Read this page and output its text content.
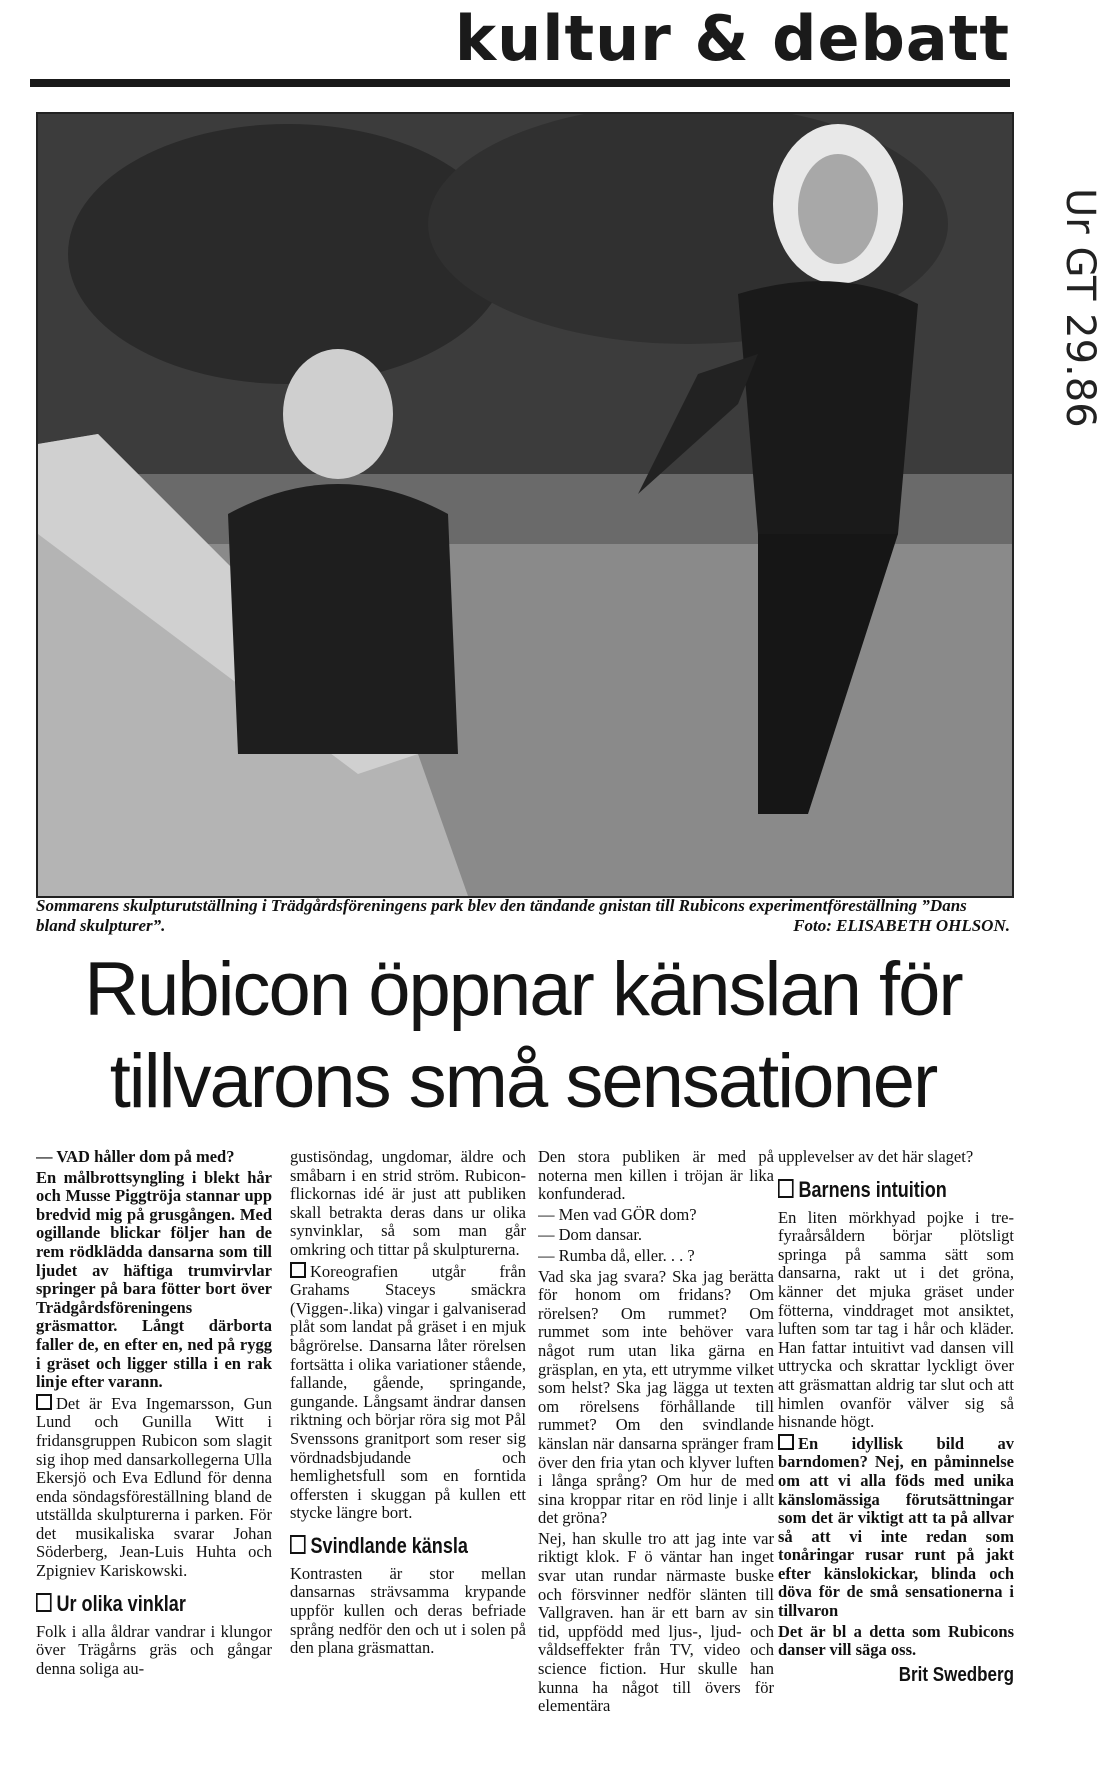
kultur & debatt
Ur GT 29.86
Sommarens skulpturutställning i Trädgårdsföreningens park blev den tändande gnistan till Rubicons experimentföreställning ”Dans bland skulpturer”.	Foto: ELISABETH OHLSON.
Rubicon öppnar känslan för
tillvarons små sensationer

— VAD håller dom på med?

En målbrottsyngling i blekt hår och Musse Piggtröja stannar upp bredvid mig på grusgången. Med ogillande blickar följer han de rem rödklädda dansarna som till ljudet av häftiga trumvirvlar springer på bara fötter bort över Trädgårdsföreningens gräsmattor. Långt därborta faller de, en efter en, ned på rygg i gräset och ligger stilla i en rak linje efter varann.

Det är Eva Ingemarsson, Gun Lund och Gunilla Witt i fridansgruppen Rubicon som slagit sig ihop med dansarkollegerna Ulla Ekersjö och Eva Edlund för denna enda söndagsföreställning bland de utställda skulpturerna i parken. För det musikaliska svarar Johan Söderberg, Jean-Luis Huhta och Zpigniev Kariskowski.

Ur olika vinklar

Folk i alla åldrar vandrar i klungor över Trägårns gräs och gångar denna soliga au-

gustisöndag, ungdomar, äldre och småbarn i en strid ström. Rubicon-flickornas idé är just att publiken skall betrakta deras dans ur olika synvinklar, så som man går omkring och tittar på skulpturerna.

Koreografien utgår från Grahams Staceys smäckra (Viggen-.lika) vingar i galvaniserad plåt som landat på gräset i en mjuk bågrörelse. Dansarna låter rörelsen fortsätta i olika variationer stående, fallande, gående, springande, gungande. Långsamt ändrar dansen riktning och börjar röra sig mot Pål Svenssons granitport som reser sig vördnadsbjudande och hemlighetsfull som en forntida offersten i skuggan på kullen ett stycke längre bort.

Svindlande känsla

Kontrasten är stor mellan dansarnas strävsamma krypande uppför kullen och deras befriade språng nedför den och ut i solen på den plana gräsmattan.

Den stora publiken är med på noterna men killen i tröjan är lika konfunderad.

— Men vad GÖR dom?

— Dom dansar.

— Rumba då, eller. . . ?

Vad ska jag svara? Ska jag berätta för honom om fridans? Om rörelsen? Om rummet? Om rummet som inte behöver vara något rum utan lika gärna en gräsplan, en yta, ett utrymme vilket som helst? Ska jag lägga ut texten om rörelsens förhållande till rummet? Om den svindlande känslan när dansarna spränger fram över den fria ytan och klyver luften i långa språng? Om hur de med sina kroppar ritar en röd linje i allt det gröna?

Nej, han skulle tro att jag inte var riktigt klok. F ö väntar han inget svar utan rundar närmaste buske och försvinner nedför slänten till Vallgraven. han är ett barn av sin tid, uppfödd med ljus-, ljud- och våldseffekter från TV, video och science fiction. Hur skulle han kunna ha något till övers för elementära

upplevelser av det här slaget?

Barnens intuition

En liten mörkhyad pojke i tre-fyraårsåldern börjar plötsligt springa på samma sätt som dansarna, rakt ut i det gröna, känner det mjuka gräset under fötterna, vinddraget mot ansiktet, luften som tar tag i hår och kläder. Han fattar intuitivt vad dansen vill uttrycka och skrattar lyckligt över att gräsmattan aldrig tar slut och att himlen ovanför välver sig så hisnande högt.

En idyllisk bild av barndomen? Nej, en påminnelse om att vi alla föds med unika känslomässiga förutsättningar som det är viktigt att ta på allvar så att vi inte redan som tonåringar rusar runt på jakt efter känslokickar, blinda och döva för de små sensationerna i tillvaron

Det är bl a detta som Rubicons danser vill säga oss.

Brit Swedberg
